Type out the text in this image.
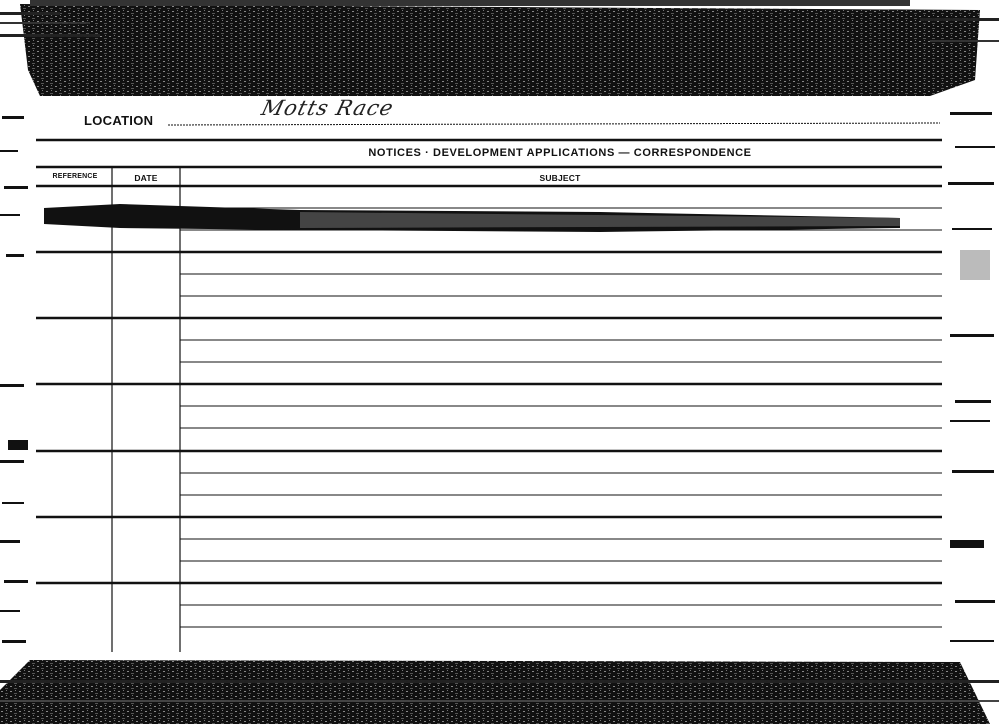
LOCATION
Motts Race
NOTICES · DEVELOPMENT APPLICATIONS — CORRESPONDENCE
REFERENCE	DATE	SUBJECT
